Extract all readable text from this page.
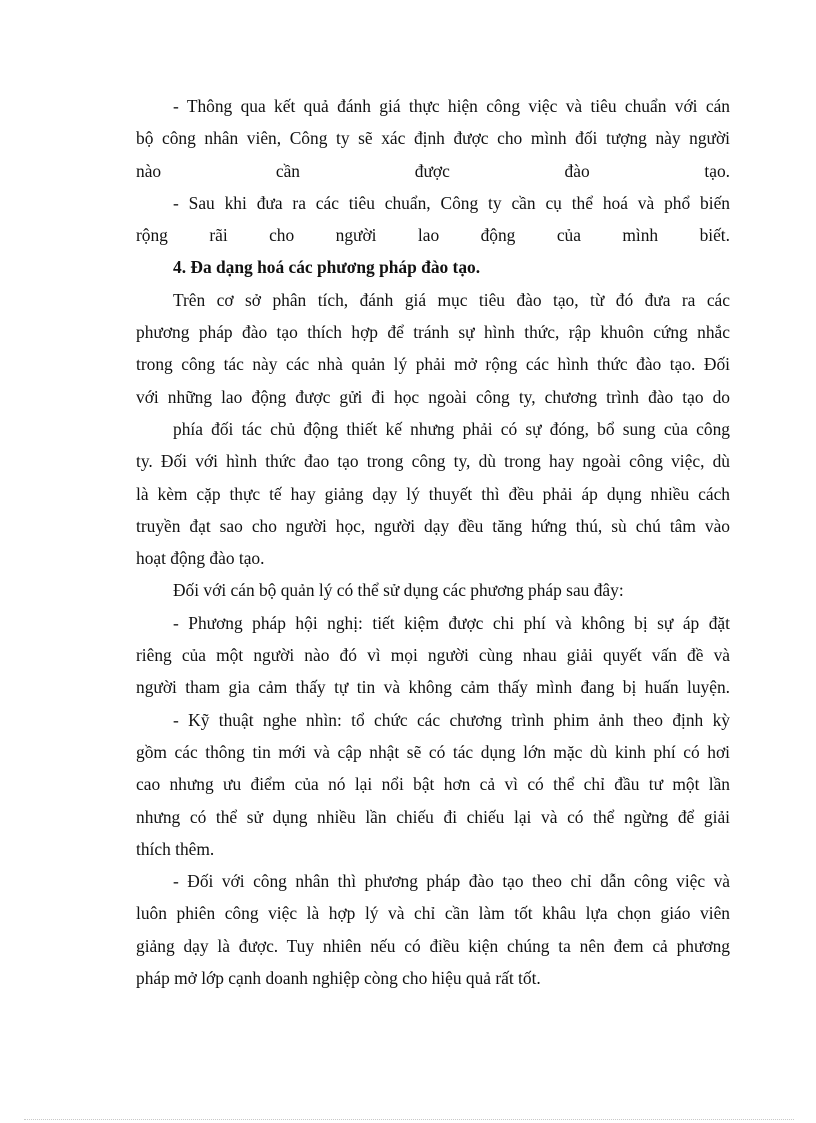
- Thông qua kết quả đánh giá thực hiện công việc và tiêu chuẩn với cán
bộ công nhân viên, Công ty sẽ xác định được cho mình đối tượng này người
nào cần được đào tạo.
- Sau khi đưa ra các tiêu chuẩn, Công ty cần cụ thể hoá và phổ biến
rộng rãi cho người lao động của mình biết.
4. Đa dạng hoá các phương pháp đào tạo.
Trên cơ sở phân tích, đánh giá mục tiêu đào tạo, từ đó đưa ra các
phương pháp đào tạo thích hợp để tránh sự hình thức, rập khuôn cứng nhắc
trong công tác này các nhà quản lý phải mở rộng các hình thức đào tạo. Đối
với những lao động được gửi đi học ngoài công ty, chương trình đào tạo do
phía đối tác chủ động thiết kế nhưng phải có sự đóng, bổ sung của công
ty. Đối với hình thức đao tạo trong công ty, dù trong hay ngoài công việc, dù
là kèm cặp thực tế hay giảng dạy lý thuyết thì đều phải áp dụng nhiều cách
truyền đạt sao cho người học, người dạy đều tăng hứng thú, sù chú tâm vào
hoạt động đào tạo.
Đối với cán bộ quản lý có thể sử dụng các phương pháp sau đây:
- Phương pháp hội nghị: tiết kiệm được chi phí và không bị sự áp đặt
riêng của một người nào đó vì mọi người cùng nhau giải quyết vấn đề và
người tham gia cảm thấy tự tin và không cảm thấy mình đang bị huấn luyện.
- Kỹ thuật nghe nhìn: tổ chức các chương trình phim ảnh theo định kỳ
gồm các thông tin mới và cập nhật sẽ có tác dụng lớn mặc dù kinh phí có hơi
cao nhưng ưu điểm của nó lại nổi bật hơn cả vì có thể chỉ đầu tư một lần
nhưng có thể sử dụng nhiều lần chiếu đi chiếu lại và có thể ngừng để giải
thích thêm.
- Đối với công nhân thì phương pháp đào tạo theo chỉ dẫn công việc và
luôn phiên công việc là hợp lý và chỉ cần làm tốt khâu lựa chọn giáo viên
giảng dạy là được. Tuy nhiên nếu có điều kiện chúng ta nên đem cả phương
pháp mở lớp cạnh doanh nghiệp còng cho hiệu quả rất tốt.
